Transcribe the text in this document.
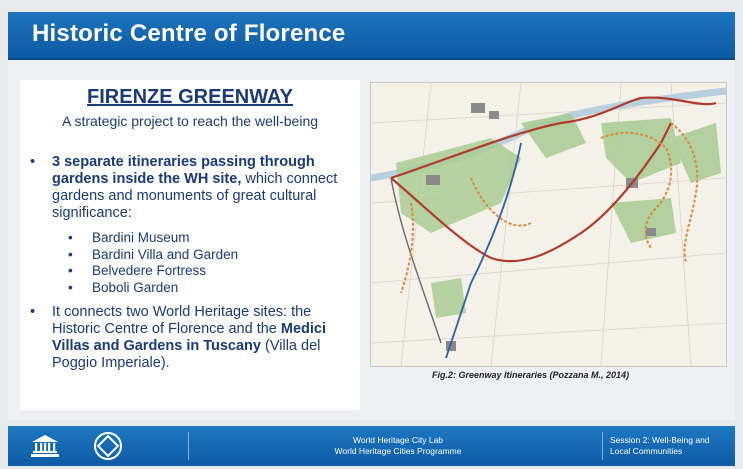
Historic Centre of Florence
FIRENZE GREENWAY
A strategic project to reach the well-being
• 3 separate itineraries passing through gardens inside the WH site, which connect gardens and monuments of great cultural significance:
• Bardini Museum
• Bardini Villa and Garden
• Belvedere Fortress
• Boboli Garden
• It connects two World Heritage sites: the Historic Centre of Florence and the Medici Villas and Gardens in Tuscany (Villa del Poggio Imperiale).
Fig.2: Greenway Itineraries (Pozzana M., 2014)
World Heritage City Lab
World Heritage Cities Programme
Session 2: Well-Being and
Local Communities
